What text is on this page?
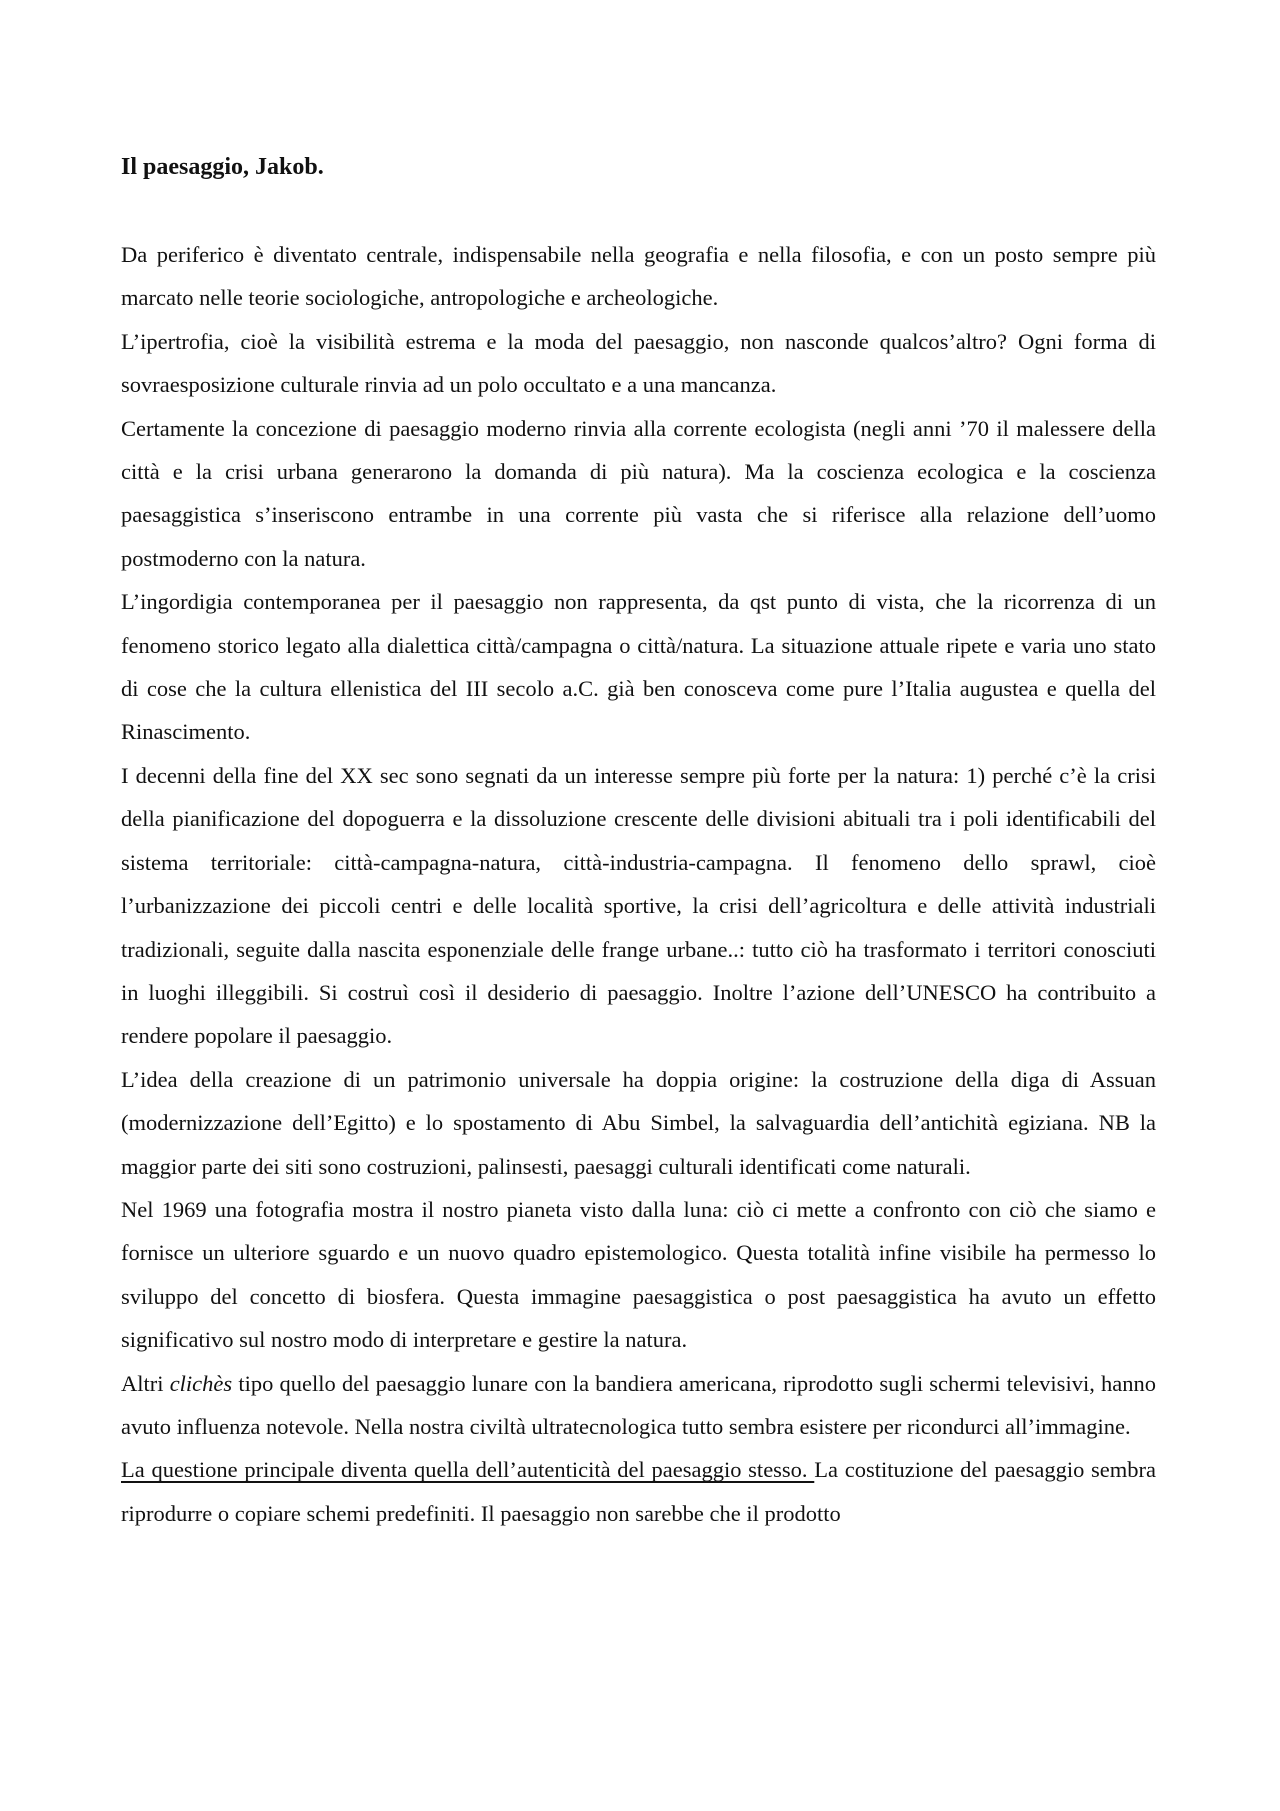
Il paesaggio, Jakob.

Da periferico è diventato centrale, indispensabile nella geografia e nella filosofia, e con un posto sempre più marcato nelle teorie sociologiche, antropologiche e archeologiche.

L’ipertrofia, cioè la visibilità estrema e la moda del paesaggio, non nasconde qualcos’altro? Ogni forma di sovraesposizione culturale rinvia ad un polo occultato e a una mancanza.

Certamente la concezione di paesaggio moderno rinvia alla corrente ecologista (negli anni ’70 il malessere della città e la crisi urbana generarono la domanda di più natura). Ma la coscienza ecologica e la coscienza paesaggistica s’inseriscono entrambe in una corrente più vasta che si riferisce alla relazione dell’uomo postmoderno con la natura.

L’ingordigia contemporanea per il paesaggio non rappresenta, da qst punto di vista, che la ricorrenza di un fenomeno storico legato alla dialettica città/campagna o città/natura. La situazione attuale ripete e varia uno stato di cose che la cultura ellenistica del III secolo a.C. già ben conosceva come pure l’Italia augustea e quella del Rinascimento.

I decenni della fine del XX sec sono segnati da un interesse sempre più forte per la natura: 1) perché c’è la crisi della pianificazione del dopoguerra e la dissoluzione crescente delle divisioni abituali tra i poli identificabili del sistema territoriale: città-campagna-natura, città-industria-campagna. Il fenomeno dello sprawl, cioè l’urbanizzazione dei piccoli centri e delle località sportive, la crisi dell’agricoltura e delle attività industriali tradizionali, seguite dalla nascita esponenziale delle frange urbane..: tutto ciò ha trasformato i territori conosciuti in luoghi illeggibili. Si costruì così il desiderio di paesaggio. Inoltre l’azione dell’UNESCO ha contribuito a rendere popolare il paesaggio.

L’idea della creazione di un patrimonio universale ha doppia origine: la costruzione della diga di Assuan (modernizzazione dell’Egitto) e lo spostamento di Abu Simbel, la salvaguardia dell’antichità egiziana. NB la maggior parte dei siti sono costruzioni, palinsesti, paesaggi culturali identificati come naturali.

Nel 1969 una fotografia mostra il nostro pianeta visto dalla luna: ciò ci mette a confronto con ciò che siamo e fornisce un ulteriore sguardo e un nuovo quadro epistemologico. Questa totalità infine visibile ha permesso lo sviluppo del concetto di biosfera. Questa immagine paesaggistica o post paesaggistica ha avuto un effetto significativo sul nostro modo di interpretare e gestire la natura.

Altri clichès tipo quello del paesaggio lunare con la bandiera americana, riprodotto sugli schermi televisivi, hanno avuto influenza notevole. Nella nostra civiltà ultratecnologica tutto sembra esistere per ricondurci all’immagine.

La questione principale diventa quella dell’autenticità del paesaggio stesso. La costituzione del paesaggio sembra riprodurre o copiare schemi predefiniti. Il paesaggio non sarebbe che il prodotto
